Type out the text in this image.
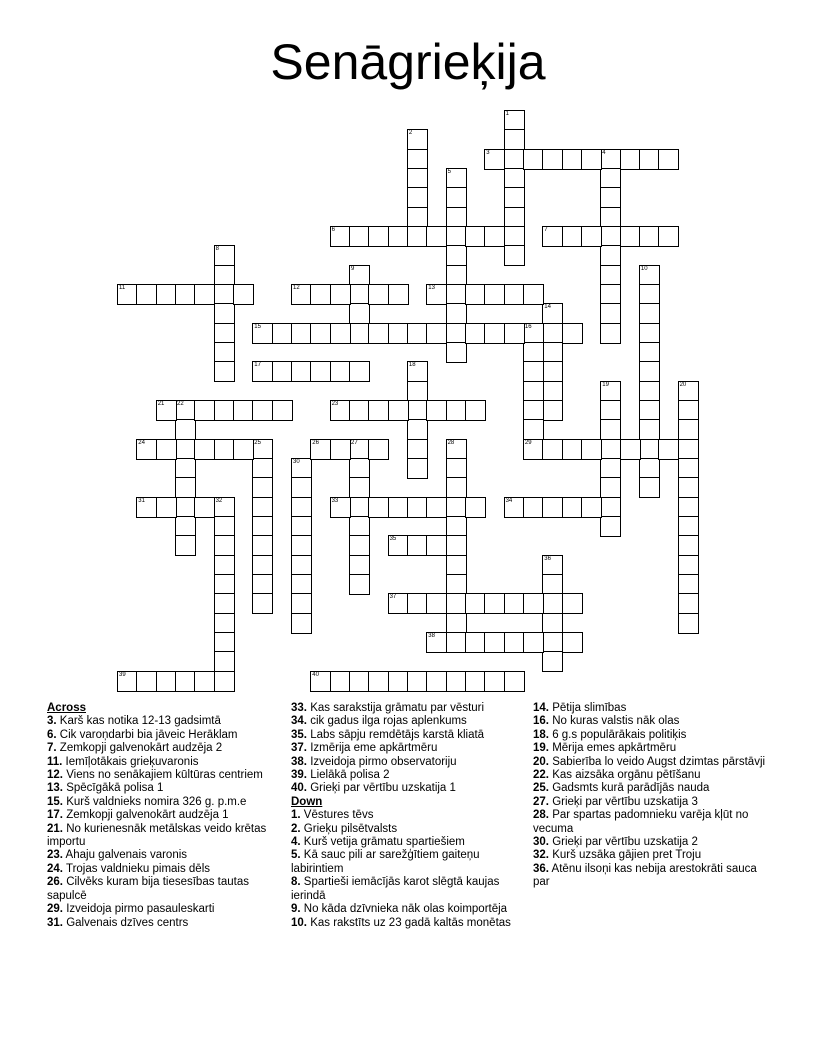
Senāgrieķija
1
2
4
5
8
9	10
14
16
18
19	20
22
25	27	28
30
32
36
3
6	7
11	12	13
15
17
21	23
24	26	29
31	33	34
35
37
38
39	40
Across
3. Karš kas notika 12-13 gadsimtā
6. Cik varoņdarbi bia jāveic Herāklam
7. Zemkopji galvenokārt audzēja 2
11. Iemīļotākais grieķuvaronis
12. Viens no senākajiem kūltūras centriem
13. Spēcīgākā polisa 1
15. Kurš valdnieks nomira 326 g. p.m.e
17. Zemkopji galvenokārt audzēja 1
21. No kurienesnāk metālskas veido krētas importu
23. Ahaju galvenais varonis
24. Trojas valdnieku pimais dēls
26. Cilvēks kuram bija tiesesības tautas sapulcē
29. Izveidoja pirmo pasauleskarti
31. Galvenais dzīves centrs
33. Kas sarakstija grāmatu par vēsturi
34. cik gadus ilga rojas aplenkums
35. Labs sāpju remdētājs karstā kliatā
37. Izmērija eme apkārtmēru
38. Izveidoja pirmo observatoriju
39. Lielākā polisa 2
40. Grieķi par vērtību uzskatija 1
Down
1. Vēstures tēvs
2. Grieķu pilsētvalsts
4. Kurš vetija grāmatu spartiešiem
5. Kā sauc pili ar sarežģītiem gaiteņu labirintiem
8. Spartieši iemācījās karot slēgtā kaujas ierindā
9. No kāda dzīvnieka nāk olas koimportēja
10. Kas rakstīts uz 23 gadā kaltās monētas
14. Pētija slimības
16. No kuras valstis nāk olas
18. 6 g.s populārākais politiķis
19. Mērija emes apkārtmēru
20. Sabierība lo veido Augst dzimtas pārstāvji
22. Kas aizsāka orgānu pētīšanu
25. Gadsmts kurā parādījās nauda
27. Grieķi par vērtību uzskatija 3
28. Par spartas padomnieku varēja kļūt no vecuma
30. Grieķi par vērtību uzskatija 2
32. Kurš uzsāka gājien pret Troju
36. Atēnu ilsoņi kas nebija arestokrāti sauca par
